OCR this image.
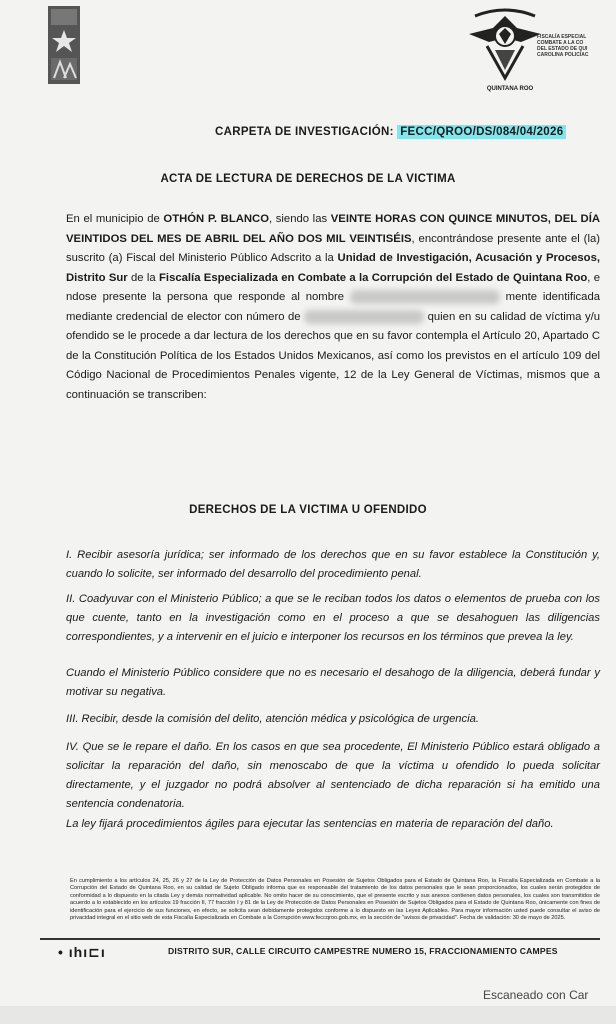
FISCALÍA ESPECIAL
COMBATE A LA CO
DEL ESTADO DE QUI
CAROLINA POLICÍAC
QUINTANA ROO
CARPETA DE INVESTIGACIÓN: FECC/QROO/DS/084/04/2026
ACTA DE LECTURA DE DERECHOS DE LA VICTIMA
En el municipio de OTHÓN P. BLANCO, siendo las VEINTE HORAS CON QUINCE MINUTOS, DEL DÍA VEINTIDOS DEL MES DE ABRIL DEL AÑO DOS MIL VEINTISÉIS, encontrándose presente ante el (la) suscrito (a) Fiscal del Ministerio Público Adscrito a la Unidad de Investigación, Acusación y Procesos, Distrito Sur de la Fiscalía Especializada en Combate a la Corrupción del Estado de Quintana Roo, e ndose presente la persona que responde al nombre	mente identificada mediante credencial de elector con número de	quien en su calidad de víctima y/u ofendido se le procede a dar lectura de los derechos que en su favor contempla el Artículo 20, Apartado C de la Constitución Política de los Estados Unidos Mexicanos, así como los previstos en el artículo 109 del Código Nacional de Procedimientos Penales vigente, 12 de la Ley General de Víctimas, mismos que a continuación se transcriben:
DERECHOS DE LA VICTIMA U OFENDIDO
I. Recibir asesoría jurídica; ser informado de los derechos que en su favor establece la Constitución y, cuando lo solicite, ser informado del desarrollo del procedimiento penal.
II. Coadyuvar con el Ministerio Público; a que se le reciban todos los datos o elementos de prueba con los que cuente, tanto en la investigación como en el proceso a que se desahoguen las diligencias correspondientes, y a intervenir en el juicio e interponer los recursos en los términos que prevea la ley.
Cuando el Ministerio Público considere que no es necesario el desahogo de la diligencia, deberá fundar y motivar su negativa.
III. Recibir, desde la comisión del delito, atención médica y psicológica de urgencia.
IV. Que se le repare el daño. En los casos en que sea procedente, El Ministerio Público estará obligado a solicitar la reparación del daño, sin menoscabo de que la víctima u ofendido lo pueda solicitar directamente, y el juzgador no podrá absolver al sentenciado de dicha reparación si ha emitido una sentencia condenatoria.
La ley fijará procedimientos ágiles para ejecutar las sentencias en materia de reparación del daño.
En cumplimiento a los artículos 24, 25, 26 y 27 de la Ley de Protección de Datos Personales en Posesión de Sujetos Obligados para el Estado de Quintana Roo, la Fiscalía Especializada en Combate a la Corrupción del Estado de Quintana Roo, en su calidad de Sujeto Obligado informa que es responsable del tratamiento de los datos personales que le sean proporcionados, los cuales serán protegidos de conformidad a lo dispuesto en la citada Ley y demás normatividad aplicable. No omito hacer de su conocimiento, que el presente escrito y sus anexos contienen datos personales, los cuales son transmitidos de acuerdo a lo establecido en los artículos 19 fracción II, 77 fracción I y 81 de la Ley de Protección de Datos Personales en Posesión de Sujetos Obligados para el Estado de Quintana Roo, únicamente con fines de identificación para el ejercicio de sus funciones, en efecto, se solicita sean debidamente protegidos conforme a lo dispuesto en las Leyes Aplicables. Para mayor información usted puede consultar el aviso de privacidad integral en el sitio web de esta Fiscalía Especializada en Combate a la Corrupción www.feccqroo.gob.mx, en la sección de "avisos de privacidad". Fecha de validación: 30 de mayo de 2025.
• ıhı⊏ı	DISTRITO SUR, CALLE CIRCUITO CAMPESTRE NUMERO 15, FRACCIONAMIENTO CAMPES
Escaneado con Car
